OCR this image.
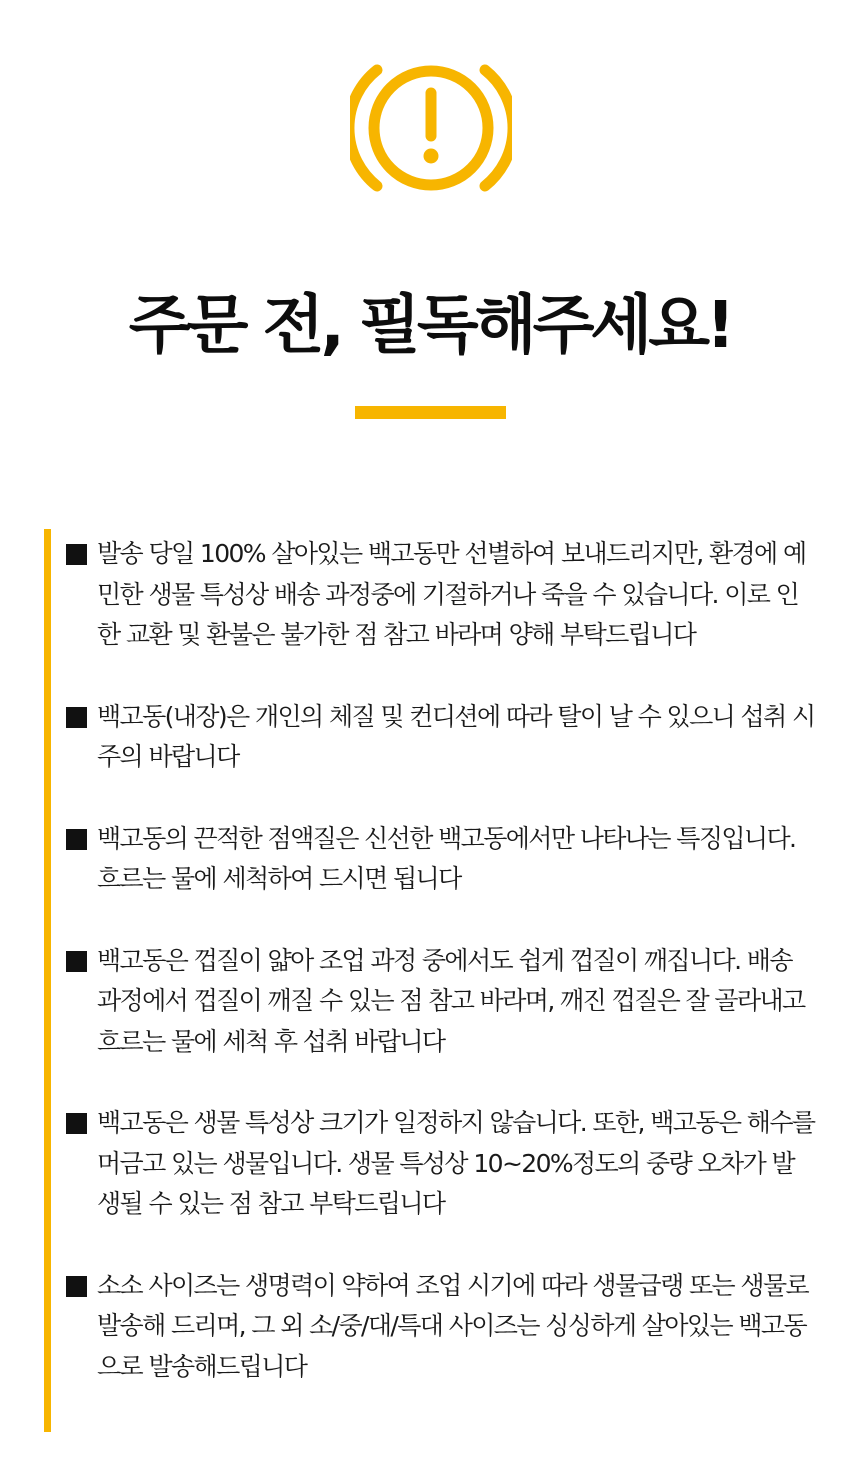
주문 전, 필독해주세요!
발송 당일 100% 살아있는 백고동만 선별하여 보내드리지만, 환경에 예민한 생물 특성상 배송 과정중에 기절하거나 죽을 수 있습니다. 이로 인한 교환 및 환불은 불가한 점 참고 바라며 양해 부탁드립니다
백고동(내장)은 개인의 체질 및 컨디션에 따라 탈이 날 수 있으니 섭취 시 주의 바랍니다
백고동의 끈적한 점액질은 신선한 백고동에서만 나타나는 특징입니다. 흐르는 물에 세척하여 드시면 됩니다
백고동은 껍질이 얇아 조업 과정 중에서도 쉽게 껍질이 깨집니다. 배송 과정에서 껍질이 깨질 수 있는 점 참고 바라며, 깨진 껍질은 잘 골라내고 흐르는 물에 세척 후 섭취 바랍니다
백고동은 생물 특성상 크기가 일정하지 않습니다. 또한, 백고동은 해수를 머금고 있는 생물입니다. 생물 특성상 10~20%정도의 중량 오차가 발생될 수 있는 점 참고 부탁드립니다
소소 사이즈는 생명력이 약하여 조업 시기에 따라 생물급랭 또는 생물로 발송해 드리며, 그 외 소/중/대/특대 사이즈는 싱싱하게 살아있는 백고동으로 발송해드립니다
